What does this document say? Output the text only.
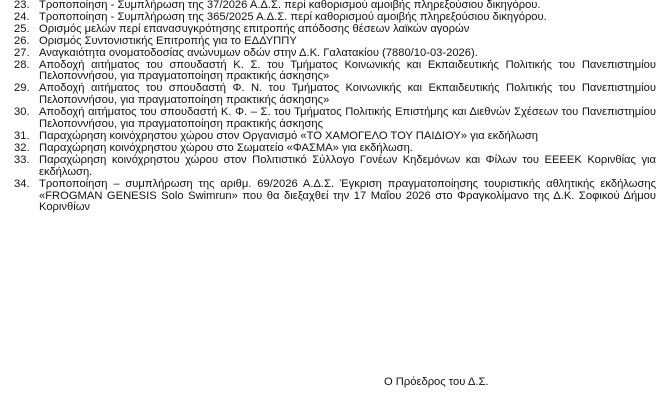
23. Τροποποίηση - Συμπλήρωση της 37/2026 Α.Δ.Σ. περί καθορισμού αμοιβής πληρεξούσιου δικηγόρου.
24. Τροποποίηση - Συμπλήρωση της 365/2025 Α.Δ.Σ. περί καθορισμού αμοιβής πληρεξούσιου δικηγόρου.
25. Ορισμός μελών περί επανασυγκρότησης επιτροπής απόδοσης θέσεων λαϊκών αγορών
26. Ορισμός Συντονιστικής Επιτροπής για το ΕΔΔΥΠΠΥ
27. Αναγκαιότητα ονοματοδοσίας ανώνυμων οδών στην Δ.Κ. Γαλατακίου (7880/10-03-2026).
28. Αποδοχή αιτήματος του σπουδαστή Κ. Σ. του Τμήματος Κοινωνικής και Εκπαιδευτικής Πολιτικής του Πανεπιστημίου Πελοποννήσου, για πραγματοποίηση πρακτικής άσκησης»
29. Αποδοχή αιτήματος του σπουδαστή Φ. Ν. του Τμήματος Κοινωνικής και Εκπαιδευτικής Πολιτικής του Πανεπιστημίου Πελοποννήσου, για πραγματοποίηση πρακτικής άσκησης»
30. Αποδοχή αιτήματος του σπουδαστή Κ. Φ. – Σ. του Τμήματος Πολιτικής Επιστήμης και Διεθνών Σχέσεων του Πανεπιστημίου Πελοποννήσου, για πραγματοποίηση πρακτικής άσκησης
31. Παραχώρηση κοινόχρηστου χώρου στον Οργανισμό «ΤΟ ΧΑΜΟΓΕΛΟ ΤΟΥ ΠΑΙΔΙΟΥ» για εκδήλωση
32. Παραχώρηση κοινόχρηστου χώρου στο Σωματείο «ΦΑΣΜΑ» για εκδήλωση.
33. Παραχώρηση κοινόχρηστου χώρου στον Πολιτιστικό Σύλλογο Γονέων Κηδεμόνων και Φίλων του ΕΕΕΕΚ Κορινθίας για εκδήλωση.
34. Τροποποίηση – συμπλήρωση της αριθμ. 69/2026 Α.Δ.Σ. Έγκριση πραγματοποίησης τουριστικής αθλητικής εκδήλωσης «FROGMAN GENESIS Solo Swimrun» που θα διεξαχθεί την 17 Μαΐου 2026 στο Φραγκολίμανο της Δ.Κ. Σοφικού Δήμου Κορινθίων
Ο Πρόεδρος του Δ.Σ.
